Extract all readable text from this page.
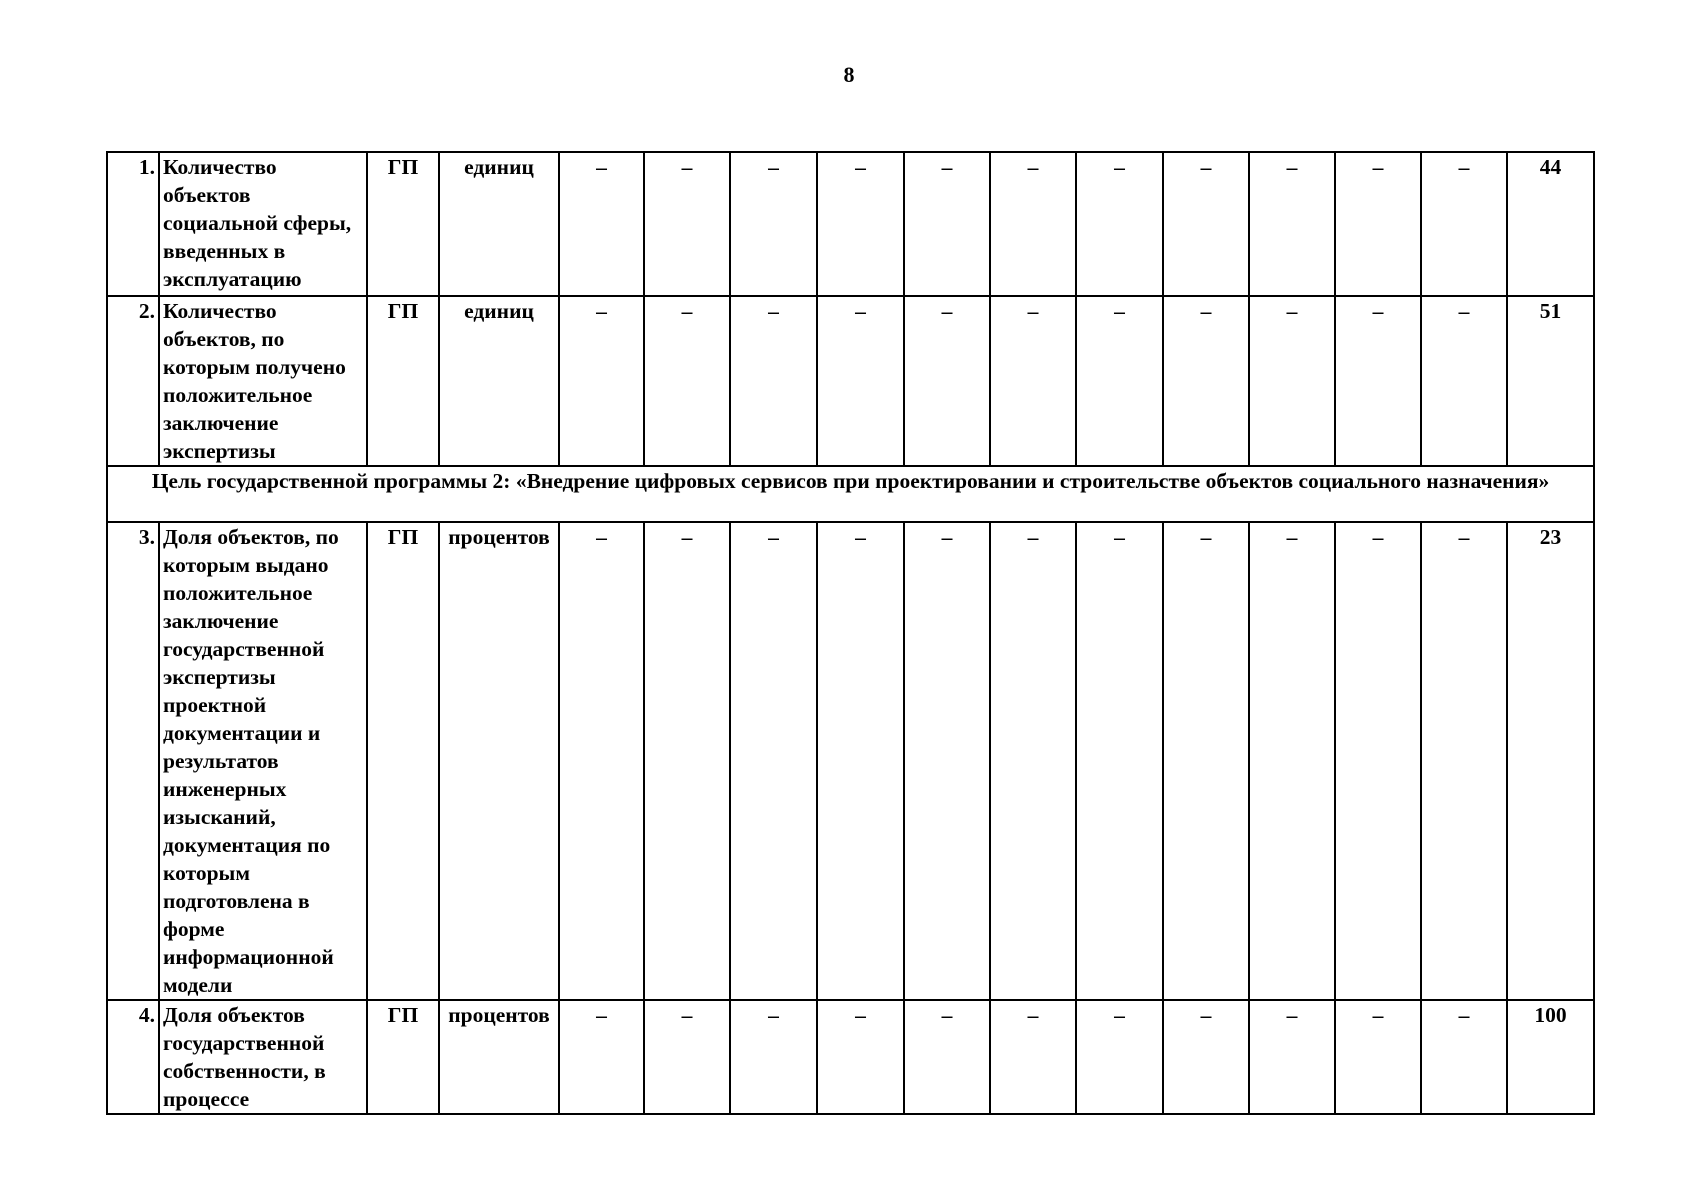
8
1.	Количество объектов социальной сферы, введенных в эксплуатацию	ГП	единиц	–	–	–	–	–	–	–	–	–	–	–	44
2.	Количество объектов, по которым получено положительное заключение экспертизы	ГП	единиц	–	–	–	–	–	–	–	–	–	–	–	51
Цель государственной программы 2: «Внедрение цифровых сервисов при проектировании и строительстве объектов социального назначения»															
3.	Доля объектов, по которым выдано положительное заключение государственной экспертизы проектной документации и результатов инженерных изысканий, документация по которым подготовлена в форме информационной модели	ГП	процентов	–	–	–	–	–	–	–	–	–	–	–	23
4.	Доля объектов государственной собственности, в процессе	ГП	процентов	–	–	–	–	–	–	–	–	–	–	–	100
